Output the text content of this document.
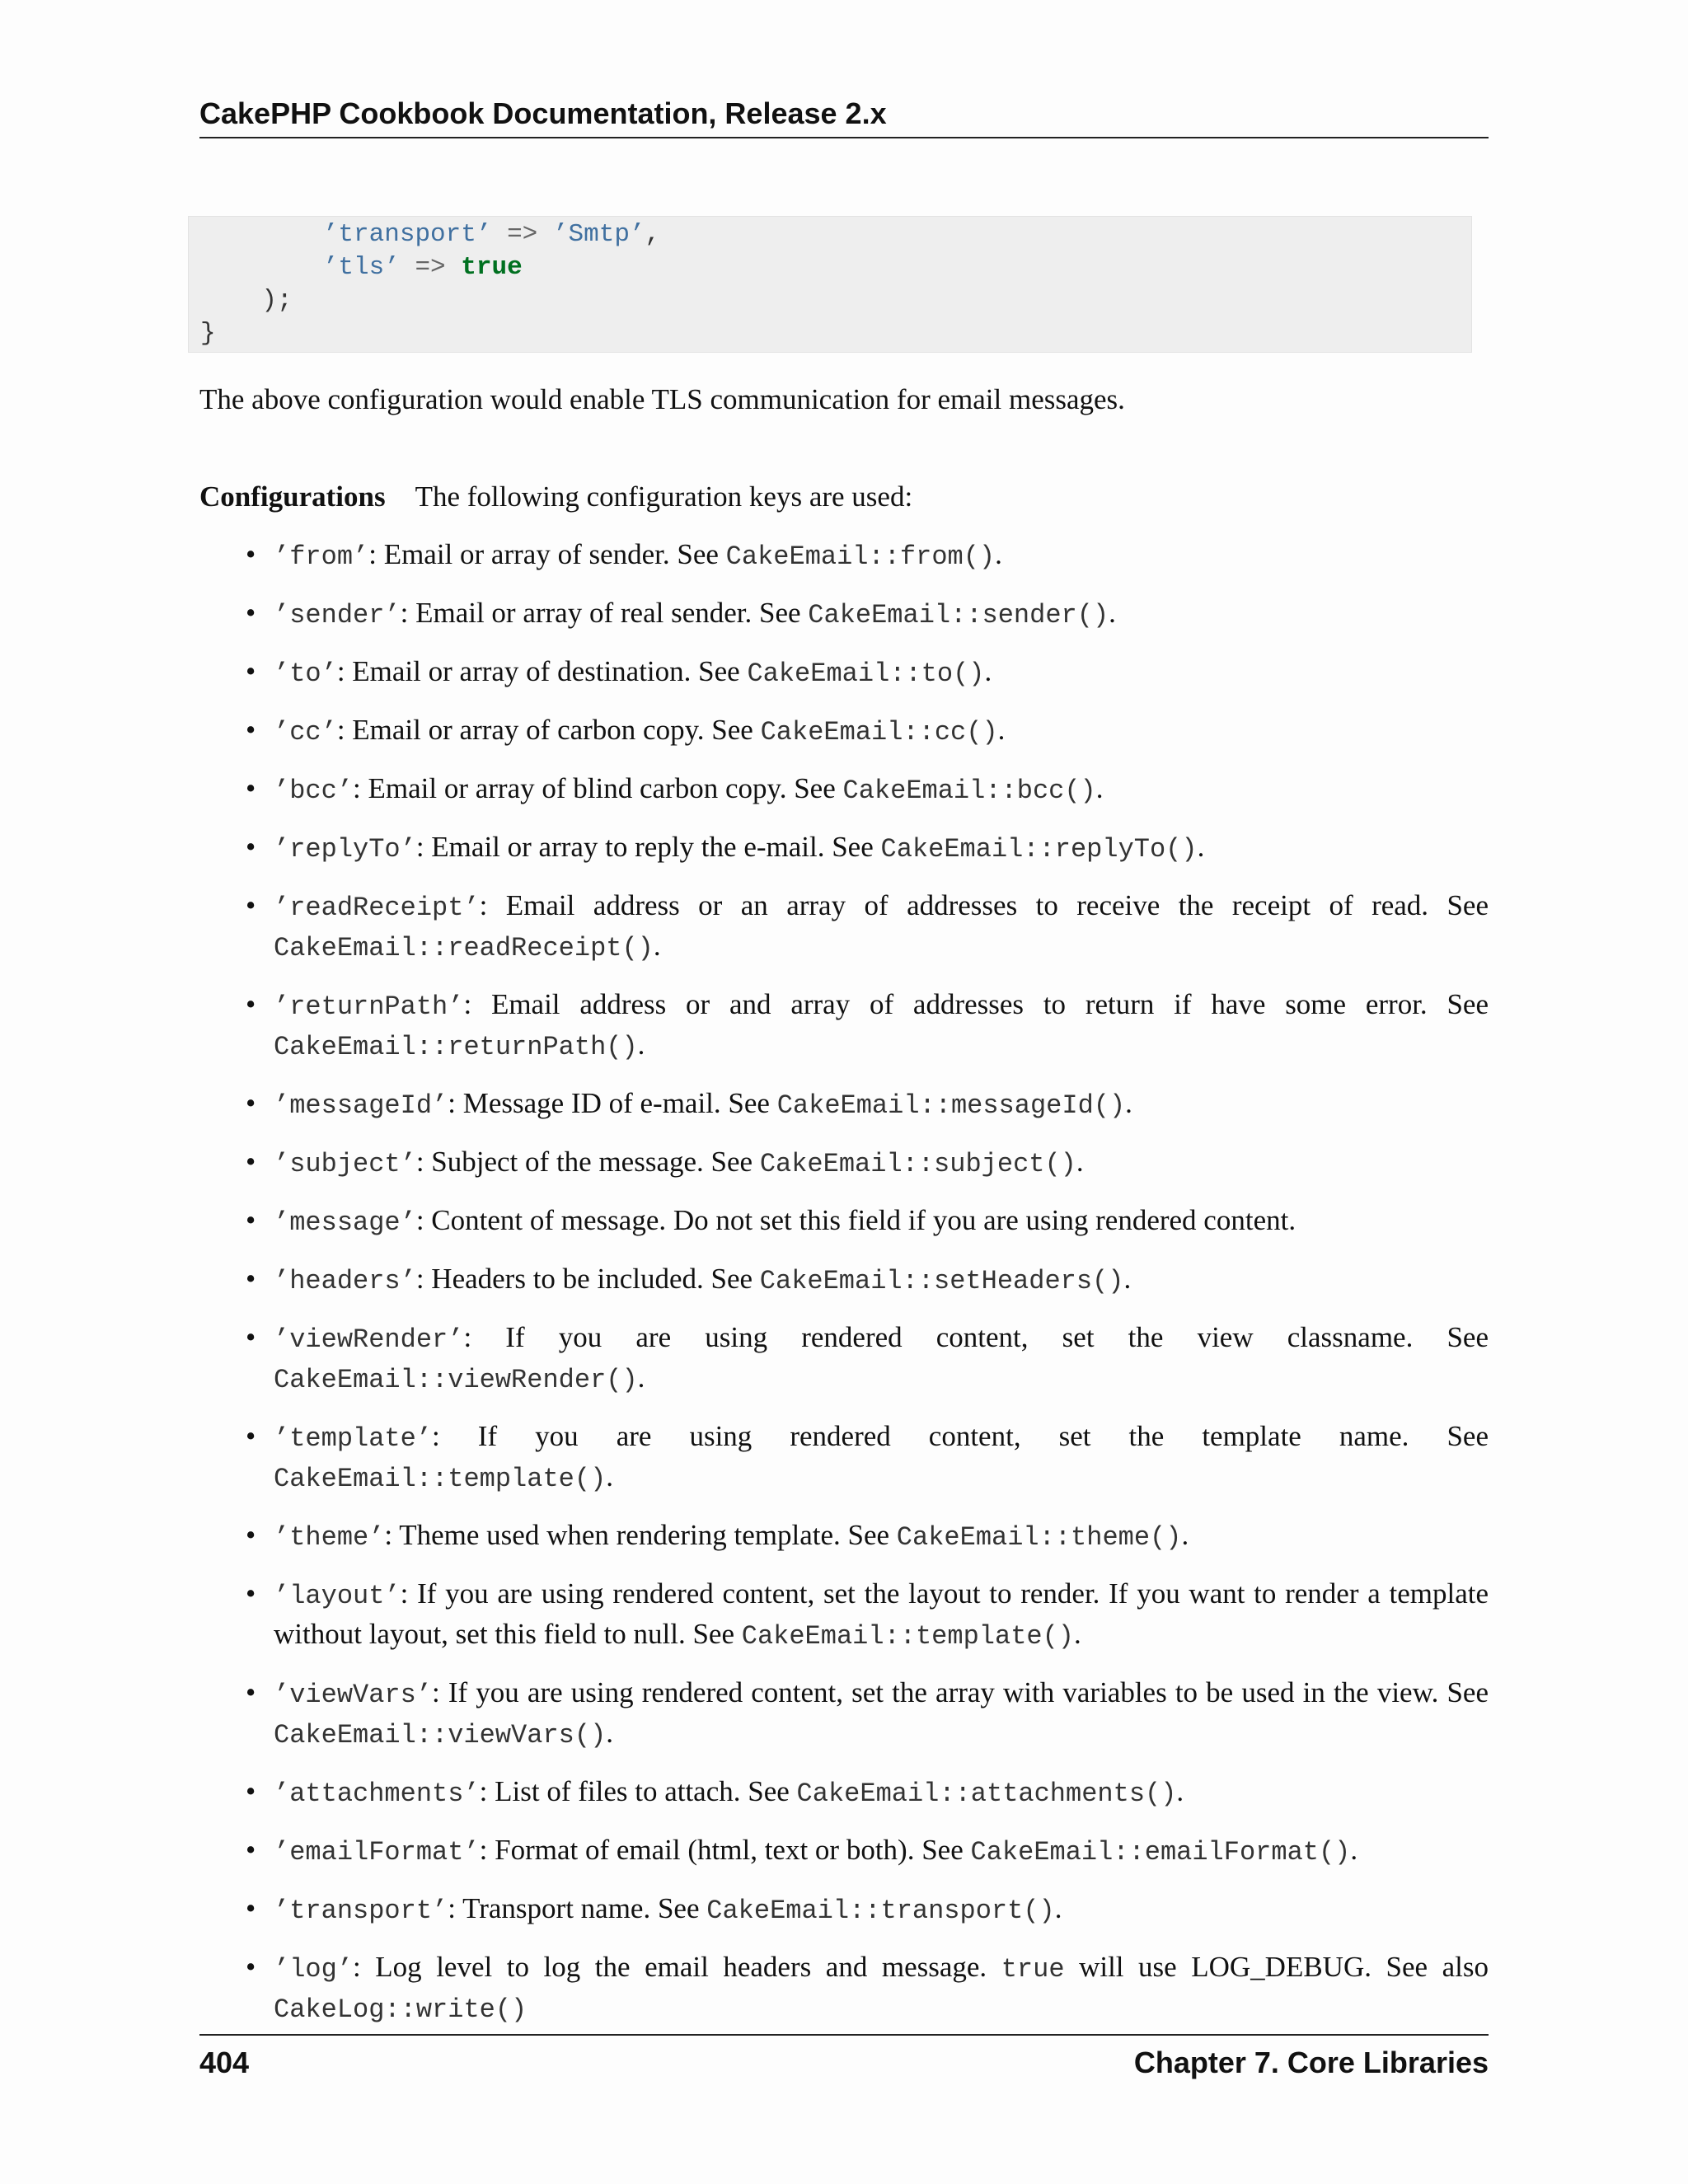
CakePHP Cookbook Documentation, Release 2.x
’transport’ => ’Smtp’,
’tls’ => true
);
}
The above configuration would enable TLS communication for email messages.
Configurations The following configuration keys are used:
• ’from’: Email or array of sender. See CakeEmail::from().
• ’sender’: Email or array of real sender. See CakeEmail::sender().
• ’to’: Email or array of destination. See CakeEmail::to().
• ’cc’: Email or array of carbon copy. See CakeEmail::cc().
• ’bcc’: Email or array of blind carbon copy. See CakeEmail::bcc().
• ’replyTo’: Email or array to reply the e-mail. See CakeEmail::replyTo().
• ’readReceipt’: Email address or an array of addresses to receive the receipt of read. See CakeEmail::readReceipt().
• ’returnPath’: Email address or and array of addresses to return if have some error. See CakeEmail::returnPath().
• ’messageId’: Message ID of e-mail. See CakeEmail::messageId().
• ’subject’: Subject of the message. See CakeEmail::subject().
• ’message’: Content of message. Do not set this field if you are using rendered content.
• ’headers’: Headers to be included. See CakeEmail::setHeaders().
• ’viewRender’: If you are using rendered content, set the view classname. See CakeEmail::viewRender().
• ’template’: If you are using rendered content, set the template name. See CakeEmail::template().
• ’theme’: Theme used when rendering template. See CakeEmail::theme().
• ’layout’: If you are using rendered content, set the layout to render. If you want to render a template without layout, set this field to null. See CakeEmail::template().
• ’viewVars’: If you are using rendered content, set the array with variables to be used in the view. See CakeEmail::viewVars().
• ’attachments’: List of files to attach. See CakeEmail::attachments().
• ’emailFormat’: Format of email (html, text or both). See CakeEmail::emailFormat().
• ’transport’: Transport name. See CakeEmail::transport().
• ’log’: Log level to log the email headers and message. true will use LOG_DEBUG. See also CakeLog::write()
404	Chapter 7. Core Libraries
